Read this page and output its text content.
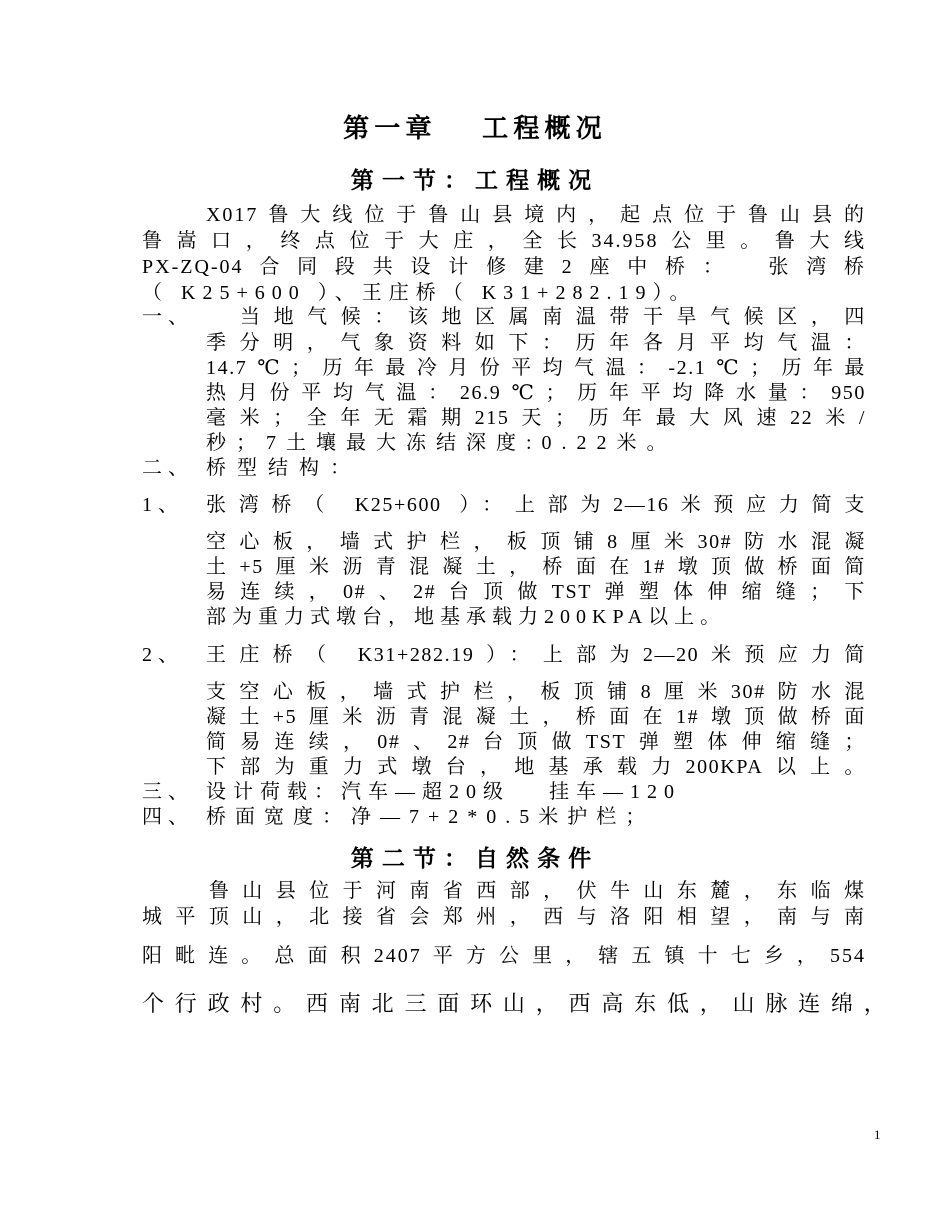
第一章　 工程概况
第一节：工程概况
　　X017鲁大线位于鲁山县境内，起点位于鲁山县的
鲁嵩口，终点位于大庄，全长34.958公里。鲁大线
PX-ZQ-04合同段共设计修建2座中桥：　张湾桥
（ K25+600 ）、王庄桥（ K31+282.19）。
一、 当地气候：该地区属南温带干旱气候区，四
季分明，气象资料如下：历年各月平均气温：
14.7℃；历年最冷月份平均气温：-2.1℃；历年最
热月份平均气温：26.9℃；历年平均降水量：950
毫米；全年无霜期215天；历年最大风速22米/
秒；7土壤最大冻结深度:0.22米。
二、 桥型结构：
1、 张湾桥（ K25+600 ）：上部为2—16米预应力简支
空心板，墙式护栏，板顶铺8厘米30#防水混凝
土+5厘米沥青混凝土，桥面在1#墩顶做桥面简
易连续，0#、2#台顶做TST弹塑体伸缩缝；下
部为重力式墩台，地基承载力200KPA以上。
2、 王庄桥（ K31+282.19）：上部为2—20米预应力简
支空心板，墙式护栏，板顶铺8厘米30#防水混
凝土+5厘米沥青混凝土，桥面在1#墩顶做桥面
简易连续，0#、2#台顶做TST弹塑体伸缩缝；
下部为重力式墩台，地基承载力200KPA以上。
三、 设计荷载：汽车—超20级　 挂车—120
四、 桥面宽度：净—7+2*0.5米护栏；
第二节：自然条件
　　鲁山县位于河南省西部，伏牛山东麓，东临煤
城平顶山，北接省会郑州，西与洛阳相望，南与南
阳毗连。总面积2407平方公里，辖五镇十七乡，554
个行政村。西南北三面环山，西高东低，山脉连绵，
1
